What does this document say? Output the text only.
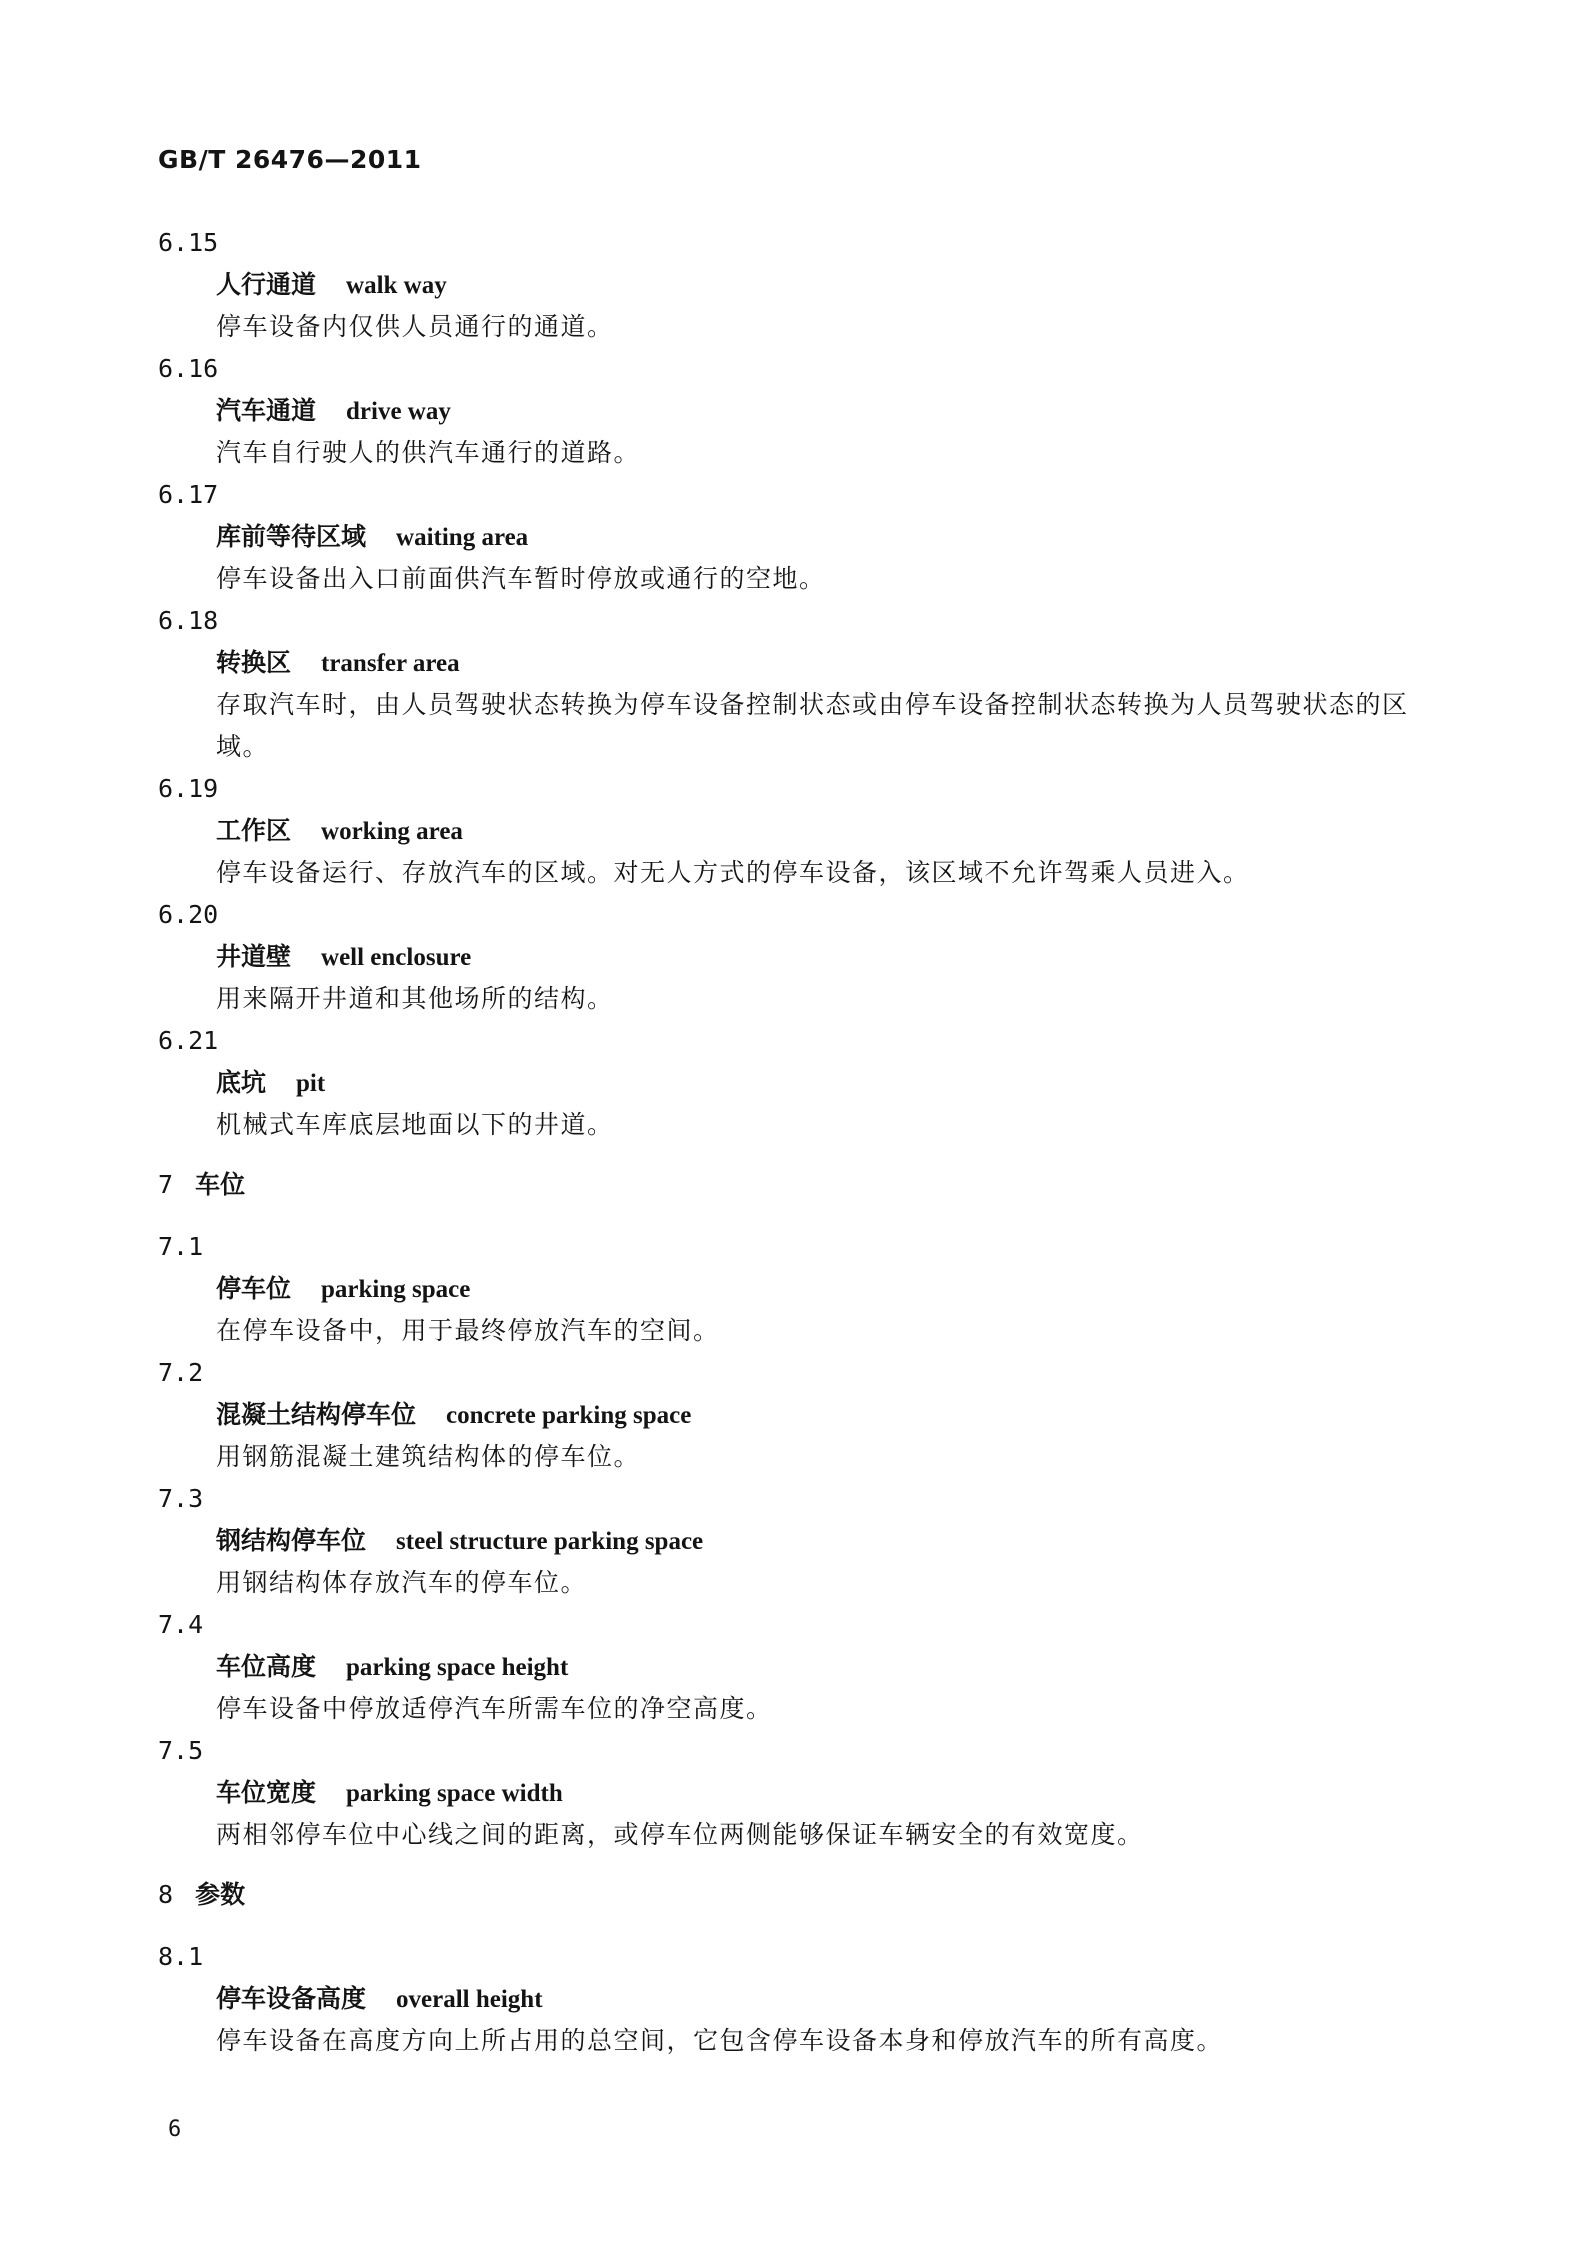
GB/T 26476—2011
6.15
人行通道 walk way
停车设备内仅供人员通行的通道。
6.16
汽车通道 drive way
汽车自行驶人的供汽车通行的道路。
6.17
库前等待区域 waiting area
停车设备出入口前面供汽车暂时停放或通行的空地。
6.18
转换区 transfer area
存取汽车时，由人员驾驶状态转换为停车设备控制状态或由停车设备控制状态转换为人员驾驶状态的区域。
6.19
工作区 working area
停车设备运行、存放汽车的区域。对无人方式的停车设备，该区域不允许驾乘人员进入。
6.20
井道壁 well enclosure
用来隔开井道和其他场所的结构。
6.21
底坑 pit
机械式车库底层地面以下的井道。
7 车位
7.1
停车位 parking space
在停车设备中，用于最终停放汽车的空间。
7.2
混凝土结构停车位 concrete parking space
用钢筋混凝土建筑结构体的停车位。
7.3
钢结构停车位 steel structure parking space
用钢结构体存放汽车的停车位。
7.4
车位高度 parking space height
停车设备中停放适停汽车所需车位的净空高度。
7.5
车位宽度 parking space width
两相邻停车位中心线之间的距离，或停车位两侧能够保证车辆安全的有效宽度。
8 参数
8.1
停车设备高度 overall height
停车设备在高度方向上所占用的总空间，它包含停车设备本身和停放汽车的所有高度。
6
